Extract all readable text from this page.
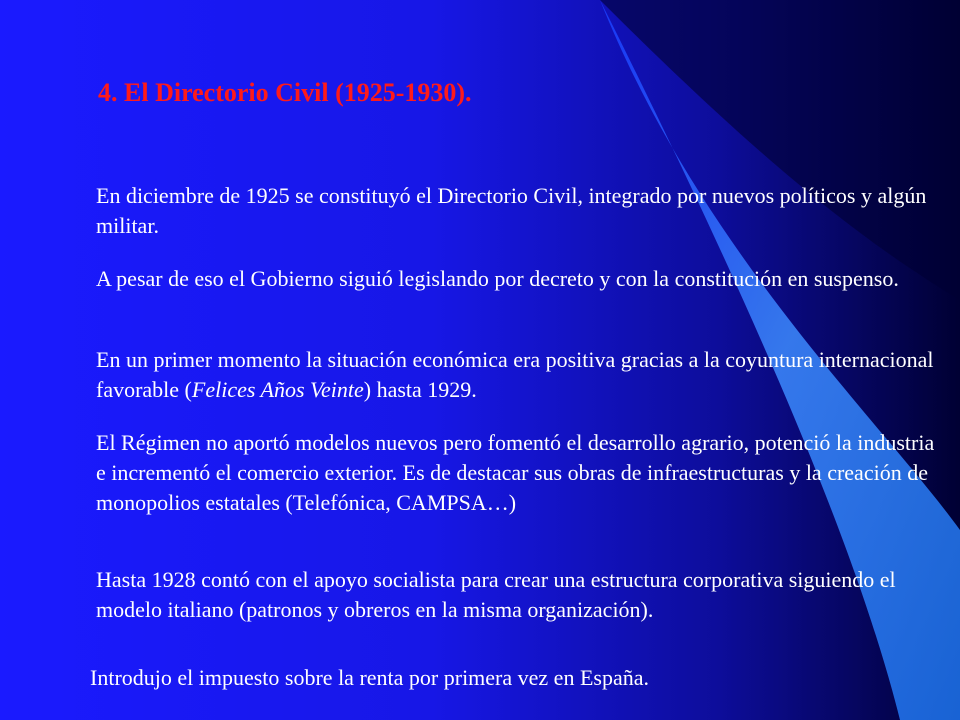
4. El Directorio Civil (1925-1930).

En diciembre de 1925 se constituyó el Directorio Civil, integrado por nuevos políticos y algún militar.

A pesar de eso el Gobierno siguió legislando por decreto y con la constitución en suspenso.

En un primer momento la situación económica era positiva gracias a la coyuntura internacional favorable (Felices Años Veinte) hasta 1929.

El Régimen no aportó modelos nuevos pero fomentó el desarrollo agrario, potenció la industria e incrementó el comercio exterior. Es de destacar sus obras de infraestructuras y la creación de monopolios estatales (Telefónica, CAMPSA…)

Hasta 1928 contó con el apoyo socialista para crear una estructura corporativa siguiendo el modelo italiano (patronos y obreros en la misma organización).

Introdujo el impuesto sobre la renta por primera vez en España.
